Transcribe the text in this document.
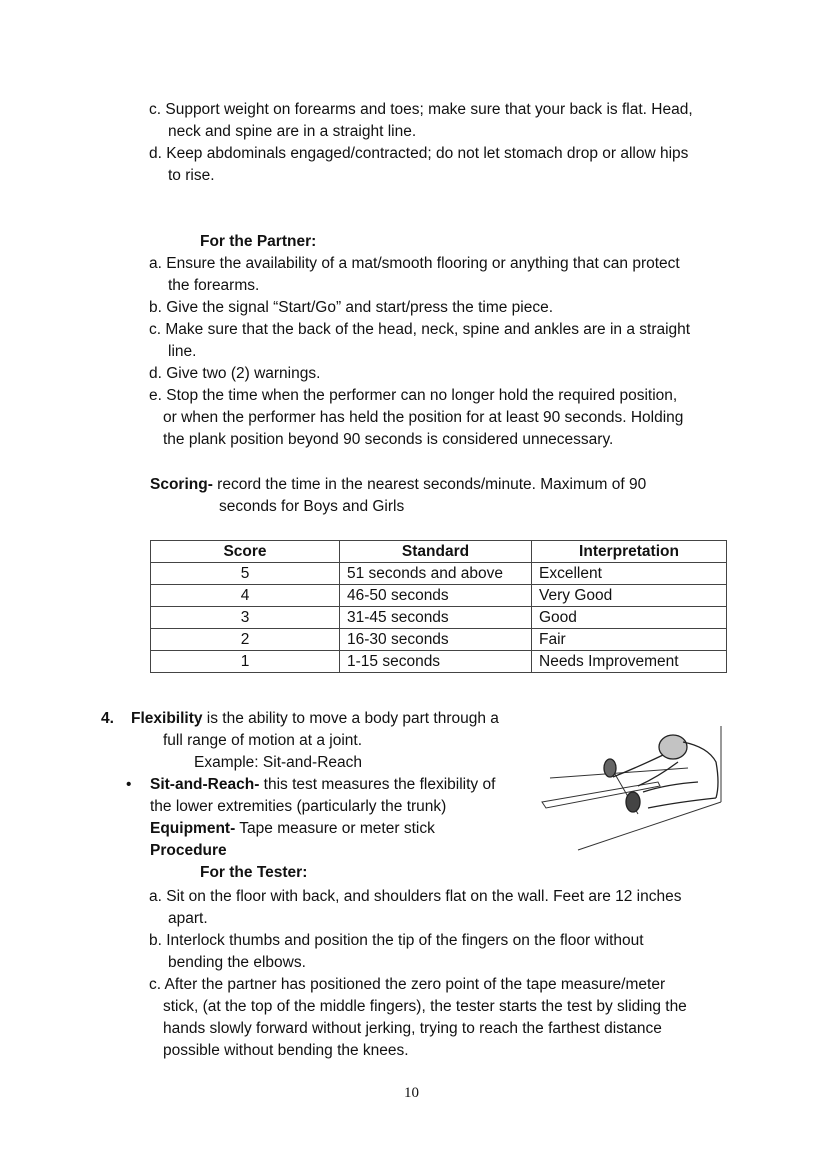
c. Support weight on forearms and toes; make sure that your back is flat. Head,
neck and spine are in a straight line.
d. Keep abdominals engaged/contracted; do not let stomach drop or allow hips
to rise.
For the Partner:
a. Ensure the availability of a mat/smooth flooring or anything that can protect
the forearms.
b. Give the signal “Start/Go” and start/press the time piece.
c. Make sure that the back of the head, neck, spine and ankles are in a straight
line.
d. Give two (2) warnings.
e. Stop the time when the performer can no longer hold the required position,
or when the performer has held the position for at least 90 seconds. Holding
the plank position beyond 90 seconds is considered unnecessary.
Scoring- record the time in the nearest seconds/minute. Maximum of 90
seconds for Boys and Girls
Score	Standard	Interpretation
5	51 seconds and above	Excellent
4	46-50 seconds	Very Good
3	31-45 seconds	Good
2	16-30 seconds	Fair
1	1-15 seconds	Needs Improvement
4. Flexibility is the ability to move a body part through a
full range of motion at a joint.
Example: Sit-and-Reach
• Sit-and-Reach- this test measures the flexibility of
the lower extremities (particularly the trunk)
Equipment- Tape measure or meter stick
Procedure
For the Tester:
a. Sit on the floor with back, and shoulders flat on the wall. Feet are 12 inches
apart.
b. Interlock thumbs and position the tip of the fingers on the floor without
bending the elbows.
c. After the partner has positioned the zero point of the tape measure/meter
stick, (at the top of the middle fingers), the tester starts the test by sliding the
hands slowly forward without jerking, trying to reach the farthest distance
possible without bending the knees.
10
